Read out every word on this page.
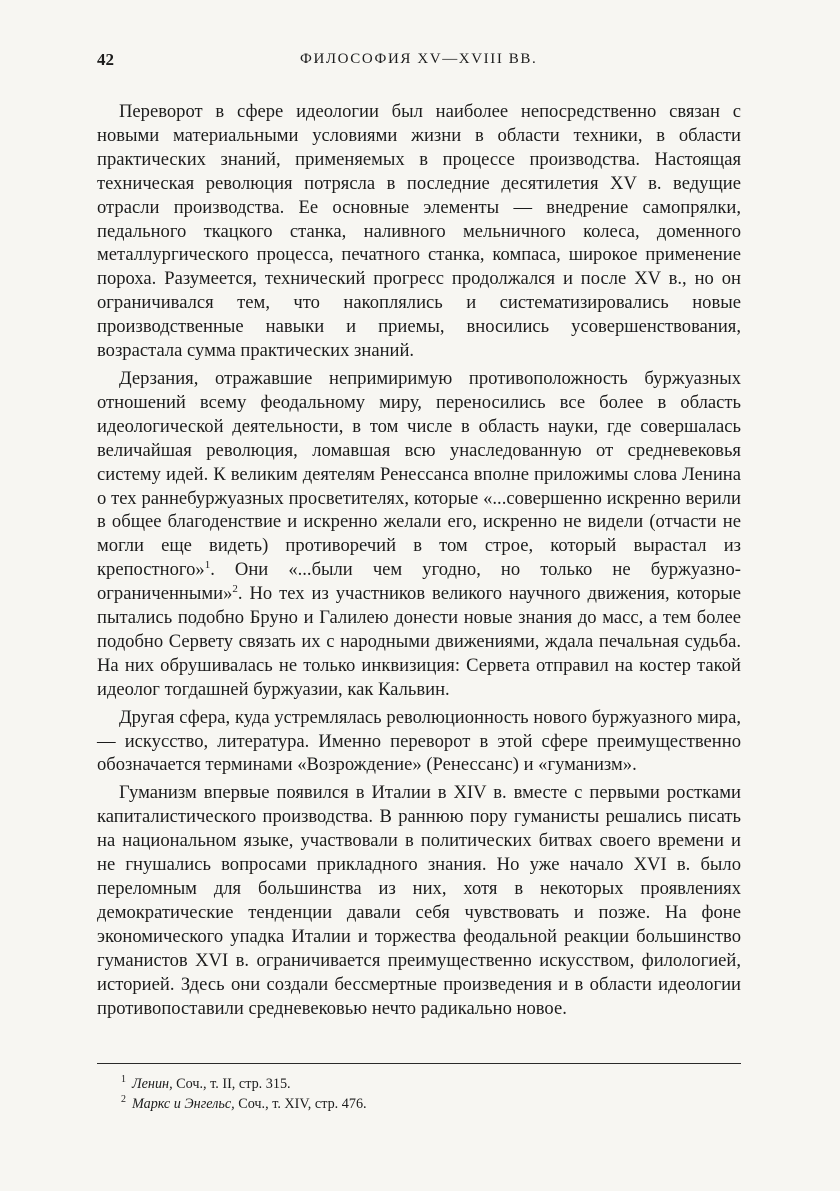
42	ФИЛОСОФИЯ XV—XVIII ВВ.

Переворот в сфере идеологии был наиболее непосредственно связан с новыми материальными условиями жизни в области техники, в области практических знаний, применяемых в процессе производства. Настоящая техническая революция потрясла в последние десятилетия XV в. ведущие отрасли производства. Ее основные элементы — внедрение самопрялки, педального ткацкого станка, наливного мельничного колеса, доменного металлургического процесса, печатного станка, компаса, широкое применение пороха. Разумеется, технический прогресс продолжался и после XV в., но он ограничивался тем, что накоплялись и систематизировались новые производственные навыки и приемы, вносились усовершенствования, возрастала сумма практических знаний.

Дерзания, отражавшие непримиримую противоположность буржуазных отношений всему феодальному миру, переносились все более в область идеологической деятельности, в том числе в область науки, где совершалась величайшая революция, ломавшая всю унаследованную от средневековья систему идей. К великим деятелям Ренессанса вполне приложимы слова Ленина о тех раннебуржуазных просветителях, которые «...совершенно искренно верили в общее благоденствие и искренно желали его, искренно не видели (отчасти не могли еще видеть) противоречий в том строе, который вырастал из крепостного»$^1$. Они «...были чем угодно, но только не буржуазно-ограниченными»$^2$. Но тех из участников великого научного движения, которые пытались подобно Бруно и Галилею донести новые знания до масс, а тем более подобно Сервету связать их с народными движениями, ждала печальная судьба. На них обрушивалась не только инквизиция: Сервета отправил на костер такой идеолог тогдашней буржуазии, как Кальвин.

Другая сфера, куда устремлялась революционность нового буржуазного мира, — искусство, литература. Именно переворот в этой сфере преимущественно обозначается терминами «Возрождение» (Ренессанс) и «гуманизм».

Гуманизм впервые появился в Италии в XIV в. вместе с первыми ростками капиталистического производства. В раннюю пору гуманисты решались писать на национальном языке, участвовали в политических битвах своего времени и не гнушались вопросами прикладного знания. Но уже начало XVI в. было переломным для большинства из них, хотя в некоторых проявлениях демократические тенденции давали себя чувствовать и позже. На фоне экономического упадка Италии и торжества феодальной реакции большинство гуманистов XVI в. ограничивается преимущественно искусством, филологией, историей. Здесь они создали бессмертные произведения и в области идеологии противопоставили средневековью нечто радикально новое.

$^1$ Ленин, Соч., т. II, стр. 315.
$^2$ Маркс и Энгельс, Соч., т. XIV, стр. 476.
